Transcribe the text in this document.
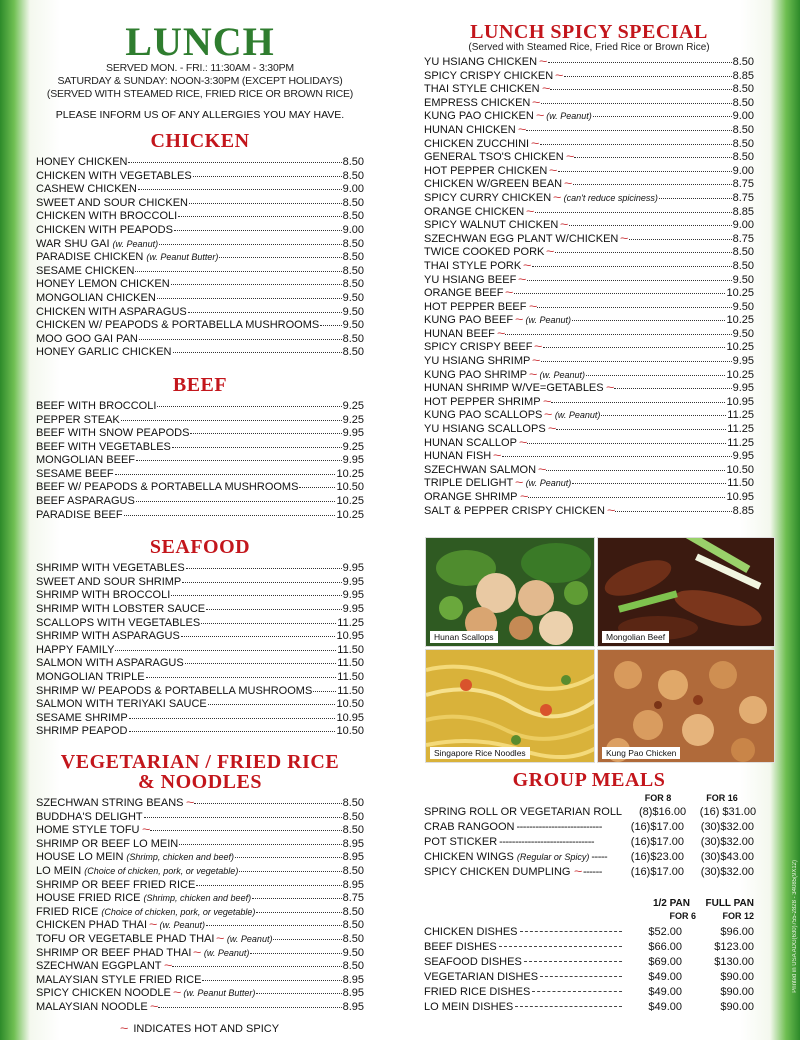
LUNCH
SERVED MON. - FRI.: 11:30AM - 3:30PM
SATURDAY & SUNDAY: NOON-3:30PM (EXCEPT HOLIDAYS)
(SERVED WITH STEAMED RICE, FRIED RICE OR BROWN RICE)
PLEASE INFORM US OF ANY ALLERGIES YOU MAY HAVE.
CHICKEN
HONEY CHICKEN	8.50
CHICKEN WITH VEGETABLES	8.50
CASHEW CHICKEN	9.00
SWEET AND SOUR CHICKEN	8.50
CHICKEN WITH BROCCOLI	8.50
CHICKEN WITH PEAPODS	9.00
WAR SHU GAI (w. Peanut)	8.50
PARADISE CHICKEN (w. Peanut Butter)	8.50
SESAME CHICKEN	8.50
HONEY LEMON CHICKEN	8.50
MONGOLIAN CHICKEN	9.50
CHICKEN WITH ASPARAGUS	9.50
CHICKEN W/ PEAPODS & PORTABELLA MUSHROOMS 9.50
MOO GOO GAI PAN	8.50
HONEY GARLIC CHICKEN	8.50
BEEF
BEEF WITH BROCCOLI	9.25
PEPPER STEAK	9.25
BEEF WITH SNOW PEAPODS	9.95
BEEF WITH VEGETABLES	9.25
MONGOLIAN BEEF	9.95
SESAME BEEF	10.25
BEEF W/ PEAPODS & PORTABELLA MUSHROOMS	10.50
BEEF ASPARAGUS	10.25
PARADISE BEEF	10.25
SEAFOOD
SHRIMP WITH VEGETABLES	9.95
SWEET AND SOUR SHRIMP	9.95
SHRIMP WITH BROCCOLI	9.95
SHRIMP WITH LOBSTER SAUCE	9.95
SCALLOPS WITH VEGETABLES	11.25
SHRIMP WITH ASPARAGUS	10.95
HAPPY FAMILY	11.50
SALMON WITH ASPARAGUS	11.50
MONGOLIAN TRIPLE	11.50
SHRIMP W/ PEAPODS & PORTABELLA MUSHROOMS 11.50
SALMON WITH TERIYAKI SAUCE	10.50
SESAME SHRIMP	10.95
SHRIMP PEAPOD	10.50
VEGETARIAN / FRIED RICE
& NOODLES
SZECHWAN STRING BEANS ~	8.50
BUDDHA'S DELIGHT	8.50
HOME STYLE TOFU ~	8.50
SHRIMP OR BEEF LO MEIN	8.95
HOUSE LO MEIN (Shrimp, chicken and beef)	8.95
LO MEIN (Choice of chicken, pork, or vegetable)	8.50
SHRIMP OR BEEF FRIED RICE	8.95
HOUSE FRIED RICE (Shrimp, chicken and beef)	8.75
FRIED RICE (Choice of chicken, pork, or vegetable)	8.50
CHICKEN PHAD THAI ~ (w. Peanut)	8.50
TOFU OR VEGETABLE PHAD THAI ~ (w. Peanut)	8.50
SHRIMP OR BEEF PHAD THAI ~ (w. Peanut)	9.50
SZECHWAN EGGPLANT ~	8.50
MALAYSIAN STYLE FRIED RICE	8.95
SPICY CHICKEN NOODLE ~ (w. Peanut Butter)	8.95
MALAYSIAN NOODLE ~	8.95
~ INDICATES HOT AND SPICY
LUNCH SPICY SPECIAL
(Served with Steamed Rice, Fried Rice or Brown Rice)
YU HSIANG CHICKEN ~	8.50
SPICY CRISPY CHICKEN ~	8.85
THAI STYLE CHICKEN ~	8.50
EMPRESS CHICKEN ~	8.50
KUNG PAO CHICKEN ~ (w. Peanut)	9.00
HUNAN CHICKEN ~	8.50
CHICKEN ZUCCHINI ~	8.50
GENERAL TSO'S CHICKEN ~	8.50
HOT PEPPER CHICKEN ~	9.00
CHICKEN W/GREEN BEAN ~	8.75
SPICY CURRY CHICKEN ~ (can't reduce spiciness)	8.75
ORANGE CHICKEN ~	8.85
SPICY WALNUT CHICKEN ~	9.00
SZECHWAN EGG PLANT W/CHICKEN ~	8.75
TWICE COOKED PORK ~	8.50
THAI STYLE PORK ~	8.50
YU HSIANG BEEF ~	9.50
ORANGE BEEF ~	10.25
HOT PEPPER BEEF ~	9.50
KUNG PAO BEEF ~ (w. Peanut)	10.25
HUNAN BEEF ~	9.50
SPICY CRISPY BEEF ~	10.25
YU HSIANG SHRIMP ~	9.95
KUNG PAO SHRIMP ~ (w. Peanut)	10.25
HUNAN SHRIMP W/VE=GETABLES ~	9.95
HOT PEPPER SHRIMP ~	10.95
KUNG PAO SCALLOPS ~ (w. Peanut)	11.25
YU HSIANG SCALLOPS ~	11.25
HUNAN SCALLOP ~	11.25
HUNAN FISH ~	9.95
SZECHWAN SALMON ~	10.50
TRIPLE DELIGHT ~ (w. Peanut)	11.50
ORANGE SHRIMP ~	10.95
SALT & PEPPER CRISPY CHICKEN ~	8.85
Hunan Scallops	Mongolian Beef
Singapore Rice Noodles	Kung Pao Chicken
GROUP MEALS
FOR 8	FOR 16
SPRING ROLL OR VEGETARIAN ROLL	(8)$16.00	(16) $31.00
CRAB RANGOON ---------------------------	(16)$17.00	(30)$32.00
POT STICKER ------------------------------	(16)$17.00	(30)$32.00
CHICKEN WINGS (Regular or Spicy) -----	(16)$23.00	(30)$43.00
SPICY CHICKEN DUMPLING ~ ------	(16)$17.00	(30)$32.00
1/2 PAN	FULL PAN
FOR 6	FOR 12
CHICKEN DISHES	$52.00	$96.00
BEEF DISHES	$66.00	$123.00
SEAFOOD DISHES	$69.00	$130.00
VEGETARIAN DISHES	$49.00	$90.00
FRIED RICE DISHES	$49.00	$90.00
LO MEIN DISHES	$49.00	$90.00
Printed in USA ADG(630)755-2828 - 34085(9X12)
